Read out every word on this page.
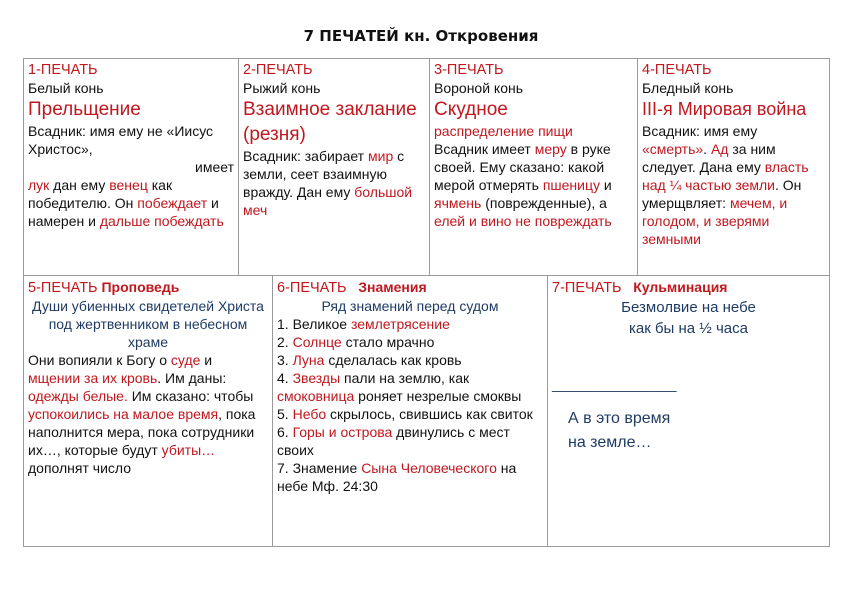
7 ПЕЧАТЕЙ кн. Откровения
1-ПЕЧАТЬ
Белый конь
Прельщение
Всадник: имя ему не «Иисус Христос»,

имеет
лук дан ему венец как победителю. Он побеждает и намерен и дальше побеждать
2-ПЕЧАТЬ
Рыжий конь
Взаимное заклание (резня)
Всадник: забирает мир с земли, сеет взаимную вражду. Дан ему большой меч
3-ПЕЧАТЬ
Вороной конь
Скудное
распределение пищи
Всадник имеет меру в руке своей. Ему сказано: какой мерой отмерять пшеницу и ячмень (поврежденные), а елей и вино не повреждать
4-ПЕЧАТЬ
Бледный конь
III-я Мировая война
Всадник: имя ему «смерть». Ад за ним следует. Дана ему власть над ¼ частью земли. Он умерщвляет: мечем, и голодом, и зверями земными
5-ПЕЧАТЬ Проповедь
Души убиенных свидетелей Христа под жертвенником в небесном храме
Они вопияли к Богу о суде и мщении за их кровь. Им даны: одежды белые. Им сказано: чтобы успокоились на малое время, пока наполнится мера, пока сотрудники их…, которые будут убиты… дополнят число
6-ПЕЧАТЬ Знамения
Ряд знамений перед судом
1. Великое землетрясение
2. Солнце стало мрачно
3. Луна сделалась как кровь
4. Звезды пали на землю, как
смоковница роняет незрелые смоквы
5. Небо скрылось, свившись как свиток
6. Горы и острова двинулись с мест своих
7. Знамение Сына Человеческого на небе Мф. 24:30
7-ПЕЧАТЬ Кульминация
Безмолвие на небе
как бы на ½ часа
________________
А в это время
на земле…
